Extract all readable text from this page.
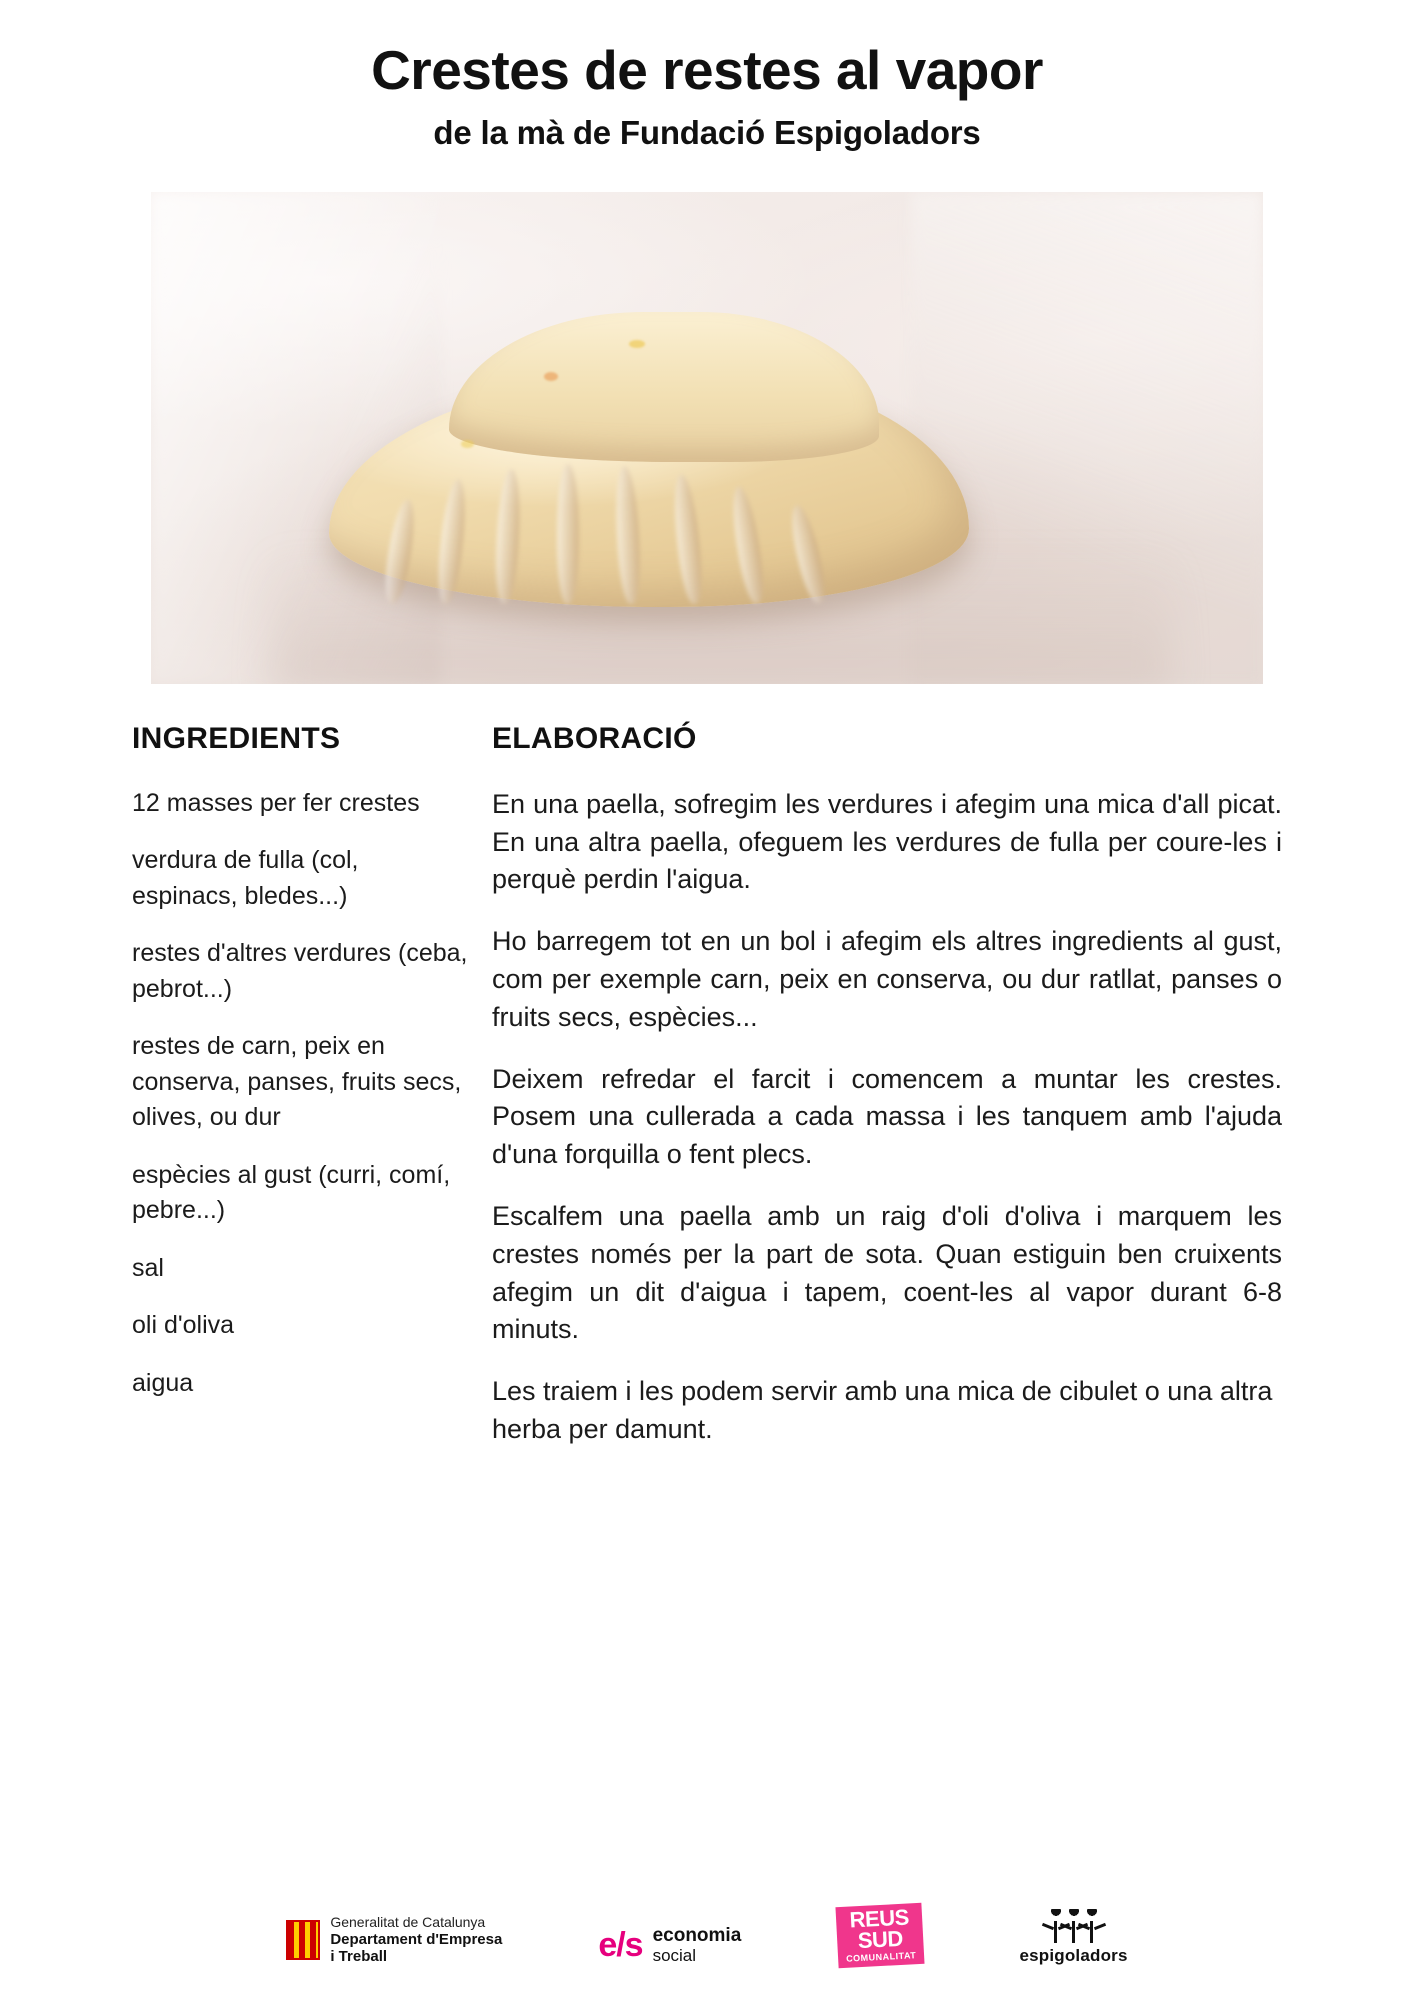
Crestes de restes al vapor
de la mà de Fundació Espigoladors
INGREDIENTS

12 masses per fer crestes

verdura de fulla (col, espinacs, bledes...)

restes d'altres verdures (ceba, pebrot...)

restes de carn, peix en conserva, panses, fruits secs, olives, ou dur

espècies al gust (curri, comí, pebre...)

sal

oli d'oliva

aigua

ELABORACIÓ

En una paella, sofregim les verdures i afegim una mica d'all picat. En una altra paella, ofeguem les verdures de fulla per coure-les i perquè perdin l'aigua.

Ho barregem tot en un bol i afegim els altres ingredients al gust, com per exemple carn, peix en conserva, ou dur ratllat, panses o fruits secs, espècies...

Deixem refredar el farcit i comencem a muntar les crestes. Posem una cullerada a cada massa i les tanquem amb l'ajuda d'una forquilla o fent plecs.

Escalfem una paella amb un raig d'oli d'oliva i marquem les crestes només per la part de sota. Quan estiguin ben cruixents afegim un dit d'aigua i tapem, coent-les al vapor durant 6-8 minuts.

Les traiem i les podem servir amb una mica de cibulet o una altra herba per damunt.

Generalitat de Catalunya
Departament d'Empresa
i Treball	e/s economia
social
REUS
SUD
COMUNALITAT	espigoladors
